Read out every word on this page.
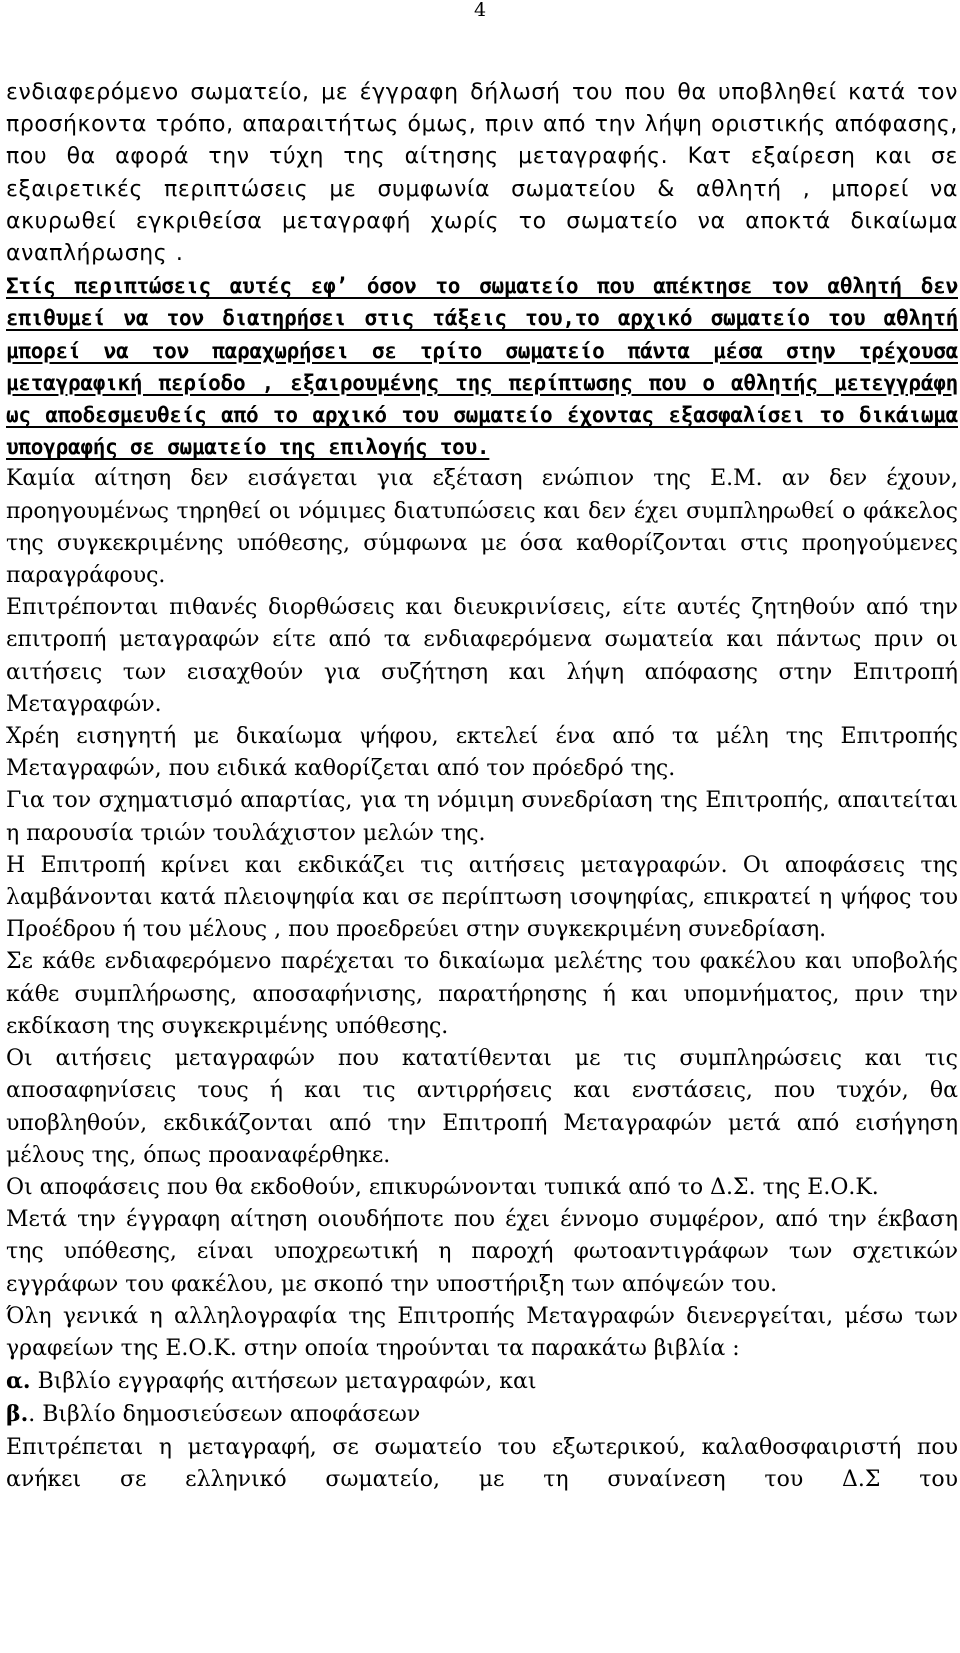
4

ενδιαφερόμενο σωματείο, με έγγραφη δήλωσή του που θα υποβληθεί κατά τον προσήκοντα τρόπο, απαραιτήτως όμως, πριν από την λήψη οριστικής απόφασης, που θα αφορά την τύχη της αίτησης μεταγραφής. Κατ εξαίρεση και σε εξαιρετικές περιπτώσεις με συμφωνία σωματείου & αθλητή , μπορεί να ακυρωθεί εγκριθείσα μεταγραφή χωρίς το σωματείο να αποκτά δικαίωμα αναπλήρωσης .

Στίς περιπτώσεις αυτές εφ’ όσον το σωματείο που απέκτησε τον αθλητή δεν επιθυμεί να τον διατηρήσει στις τάξεις του,το αρχικό σωματείο του αθλητή μπορεί να τον παραχωρήσει σε τρίτο σωματείο πάντα μέσα στην τρέχουσα μεταγραφική περίοδο , εξαιρουμένης της περίπτωσης που ο αθλητής μετεγγράφη ως αποδεσμευθείς από το αρχικό του σωματείο έχοντας εξασφαλίσει το δικάιωμα υπογραφής σε σωματείο της επιλογής του.

Καμία αίτηση δεν εισάγεται για εξέταση ενώπιον της Ε.Μ. αν δεν έχουν, προηγουμένως τηρηθεί οι νόμιμες διατυπώσεις και δεν έχει συμπληρωθεί ο φάκελος της συγκεκριμένης υπόθεσης, σύμφωνα με όσα καθορίζονται στις προηγούμενες παραγράφους.

Επιτρέπονται πιθανές διορθώσεις και διευκρινίσεις, είτε αυτές ζητηθούν από την επιτροπή μεταγραφών είτε από τα ενδιαφερόμενα σωματεία και πάντως πριν οι αιτήσεις των εισαχθούν για συζήτηση και λήψη απόφασης στην Επιτροπή Μεταγραφών.

Χρέη εισηγητή με δικαίωμα ψήφου, εκτελεί ένα από τα μέλη της Επιτροπής Μεταγραφών, που ειδικά καθορίζεται από τον πρόεδρό της.

Για τον σχηματισμό απαρτίας, για τη νόμιμη συνεδρίαση της Επιτροπής, απαιτείται η παρουσία τριών τουλάχιστον μελών της.

Η Επιτροπή κρίνει και εκδικάζει τις αιτήσεις μεταγραφών. Οι αποφάσεις της λαμβάνονται κατά πλειοψηφία και σε περίπτωση ισοψηφίας, επικρατεί η ψήφος του Προέδρου ή του μέλους , που προεδρεύει στην συγκεκριμένη συνεδρίαση.

Σε κάθε ενδιαφερόμενο παρέχεται το δικαίωμα μελέτης του φακέλου και υποβολής κάθε συμπλήρωσης, αποσαφήνισης, παρατήρησης ή και υπομνήματος, πριν την εκδίκαση της συγκεκριμένης υπόθεσης.

Οι αιτήσεις μεταγραφών που κατατίθενται με τις συμπληρώσεις και τις αποσαφηνίσεις τους ή και τις αντιρρήσεις και ενστάσεις, που τυχόν, θα υποβληθούν, εκδικάζονται από την Επιτροπή Μεταγραφών μετά από εισήγηση μέλους της, όπως προαναφέρθηκε.

Οι αποφάσεις που θα εκδοθούν, επικυρώνονται τυπικά από το Δ.Σ. της Ε.Ο.Κ.

Μετά την έγγραφη αίτηση οιουδήποτε που έχει έννομο συμφέρον, από την έκβαση της υπόθεσης, είναι υποχρεωτική η παροχή φωτοαντιγράφων των σχετικών εγγράφων του φακέλου, με σκοπό την υποστήριξη των απόψεών του.

Όλη γενικά η αλληλογραφία της Επιτροπής Μεταγραφών διενεργείται, μέσω των γραφείων της Ε.Ο.Κ. στην οποία τηρούνται τα παρακάτω βιβλία :

α. Βιβλίο εγγραφής αιτήσεων μεταγραφών, και

β.. Βιβλίο δημοσιεύσεων αποφάσεων

Επιτρέπεται η μεταγραφή, σε σωματείο του εξωτερικού, καλαθοσφαιριστή που ανήκει σε ελληνικό σωματείο, με τη συναίνεση του Δ.Σ του
